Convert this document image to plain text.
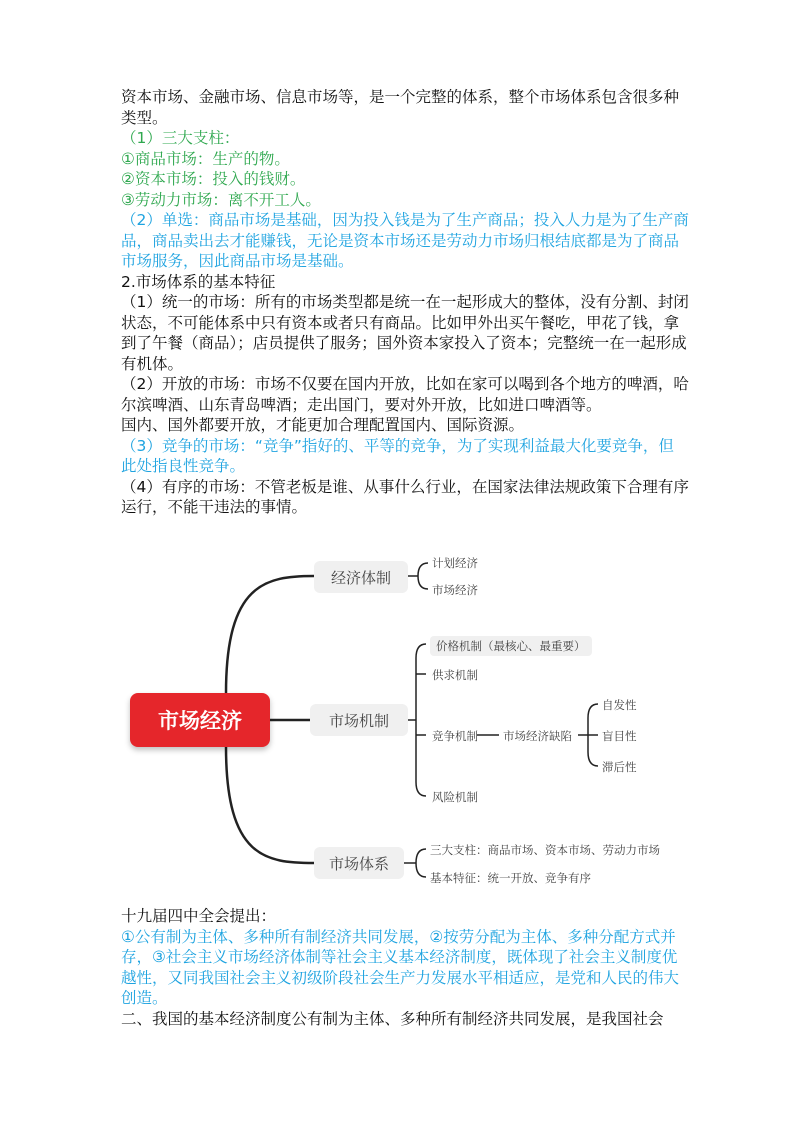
资本市场、金融市场、信息市场等，是一个完整的体系，整个市场体系包含很多种类型。

（1）三大支柱：

①商品市场：生产的物。

②资本市场：投入的钱财。

③劳动力市场：离不开工人。

（2）单选：商品市场是基础，因为投入钱是为了生产商品；投入人力是为了生产商品，商品卖出去才能赚钱，无论是资本市场还是劳动力市场归根结底都是为了商品市场服务，因此商品市场是基础。

2.市场体系的基本特征

（1）统一的市场：所有的市场类型都是统一在一起形成大的整体，没有分割、封闭状态，不可能体系中只有资本或者只有商品。比如甲外出买午餐吃，甲花了钱，拿到了午餐（商品）；店员提供了服务；国外资本家投入了资本；完整统一在一起形成有机体。

（2）开放的市场：市场不仅要在国内开放，比如在家可以喝到各个地方的啤酒，哈尔滨啤酒、山东青岛啤酒；走出国门，要对外开放，比如进口啤酒等。

国内、国外都要开放，才能更加合理配置国内、国际资源。

（3）竞争的市场：“竞争”指好的、平等的竞争，为了实现利益最大化要竞争，但此处指良性竞争。

（4）有序的市场：不管老板是谁、从事什么行业，在国家法律法规政策下合理有序运行，不能干违法的事情。

市场经济
经济体制
市场机制
市场体系
计划经济
市场经济
价格机制（最核心、最重要）
供求机制
竞争机制
风险机制
市场经济缺陷
自发性
盲目性
滞后性
三大支柱：商品市场、资本市场、劳动力市场
基本特征：统一开放、竞争有序

十九届四中全会提出：

①公有制为主体、多种所有制经济共同发展，②按劳分配为主体、多种分配方式并存，③社会主义市场经济体制等社会主义基本经济制度，既体现了社会主义制度优越性，又同我国社会主义初级阶段社会生产力发展水平相适应，是党和人民的伟大创造。

二、我国的基本经济制度公有制为主体、多种所有制经济共同发展，是我国社会
